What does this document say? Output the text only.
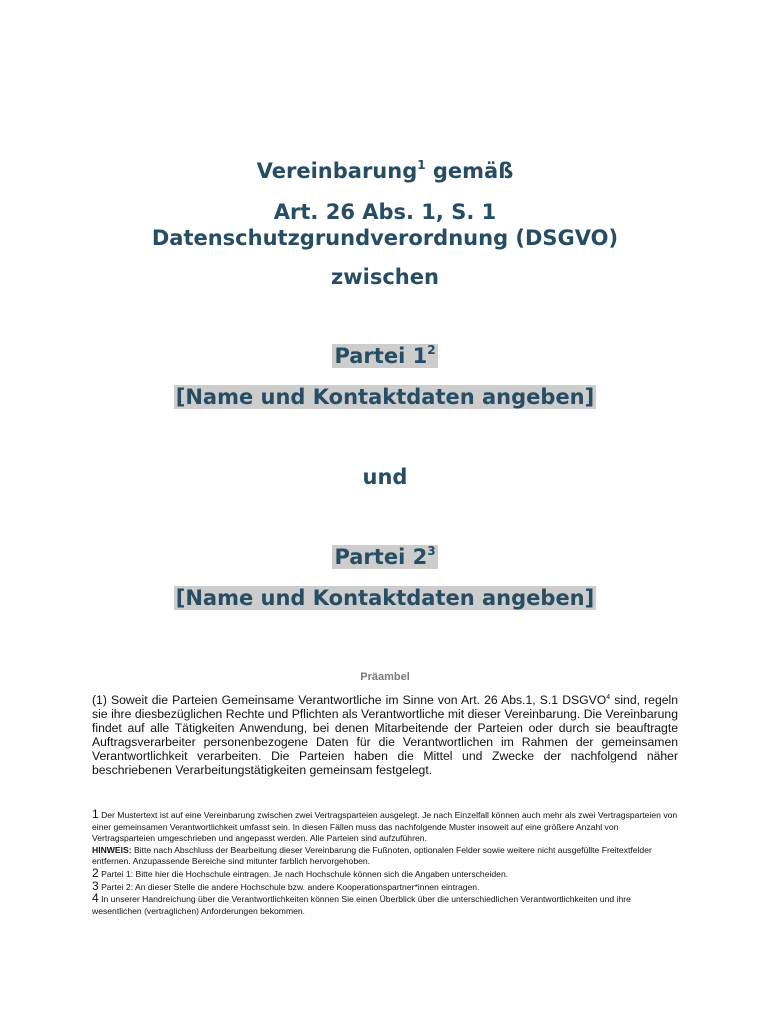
Vereinbarung$^1$ gemäß
Art. 26 Abs. 1, S. 1
Datenschutzgrundverordnung (DSGVO)
zwischen
Partei $1^2$
[Name und Kontaktdaten angeben]
und
Partei $2^3$
[Name und Kontaktdaten angeben]
Präambel

(1) Soweit die Parteien Gemeinsame Verantwortliche im Sinne von Art. 26 Abs.1, S.1 DSGVO$^4$ sind, regeln sie ihre diesbezüglichen Rechte und Pflichten als Verantwortliche mit dieser Vereinbarung. Die Vereinbarung findet auf alle Tätigkeiten Anwendung, bei denen Mitarbeitende der Parteien oder durch sie beauftragte Auftragsverarbeiter personenbezogene Daten für die Verantwortlichen im Rahmen der gemeinsamen Verantwortlichkeit verarbeiten. Die Parteien haben die Mittel und Zwecke der nachfolgend näher beschriebenen Verarbeitungstätigkeiten gemeinsam festgelegt.

1 Der Mustertext ist auf eine Vereinbarung zwischen zwei Vertragsparteien ausgelegt. Je nach Einzelfall können auch mehr als zwei Vertragsparteien von einer gemeinsamen Verantwortlichkeit umfasst sein. In diesen Fällen muss das nachfolgende Muster insoweit auf eine größere Anzahl von Vertragsparteien umgeschrieben und angepasst werden. Alle Parteien sind aufzuführen.
HINWEIS: Bitte nach Abschluss der Bearbeitung dieser Vereinbarung die Fußnoten, optionalen Felder sowie weitere nicht ausgefüllte Freitextfelder entfernen. Anzupassende Bereiche sind mitunter farblich hervorgehoben.

2 Partei 1: Bitte hier die Hochschule eintragen. Je nach Hochschule können sich die Angaben unterscheiden.

3 Partei 2: An dieser Stelle die andere Hochschule bzw. andere Kooperationspartner*innen eintragen.

4 In unserer Handreichung über die Verantwortlichkeiten können Sie einen Überblick über die unterschiedlichen Verantwortlichkeiten und ihre wesentlichen (vertraglichen) Anforderungen bekommen.
